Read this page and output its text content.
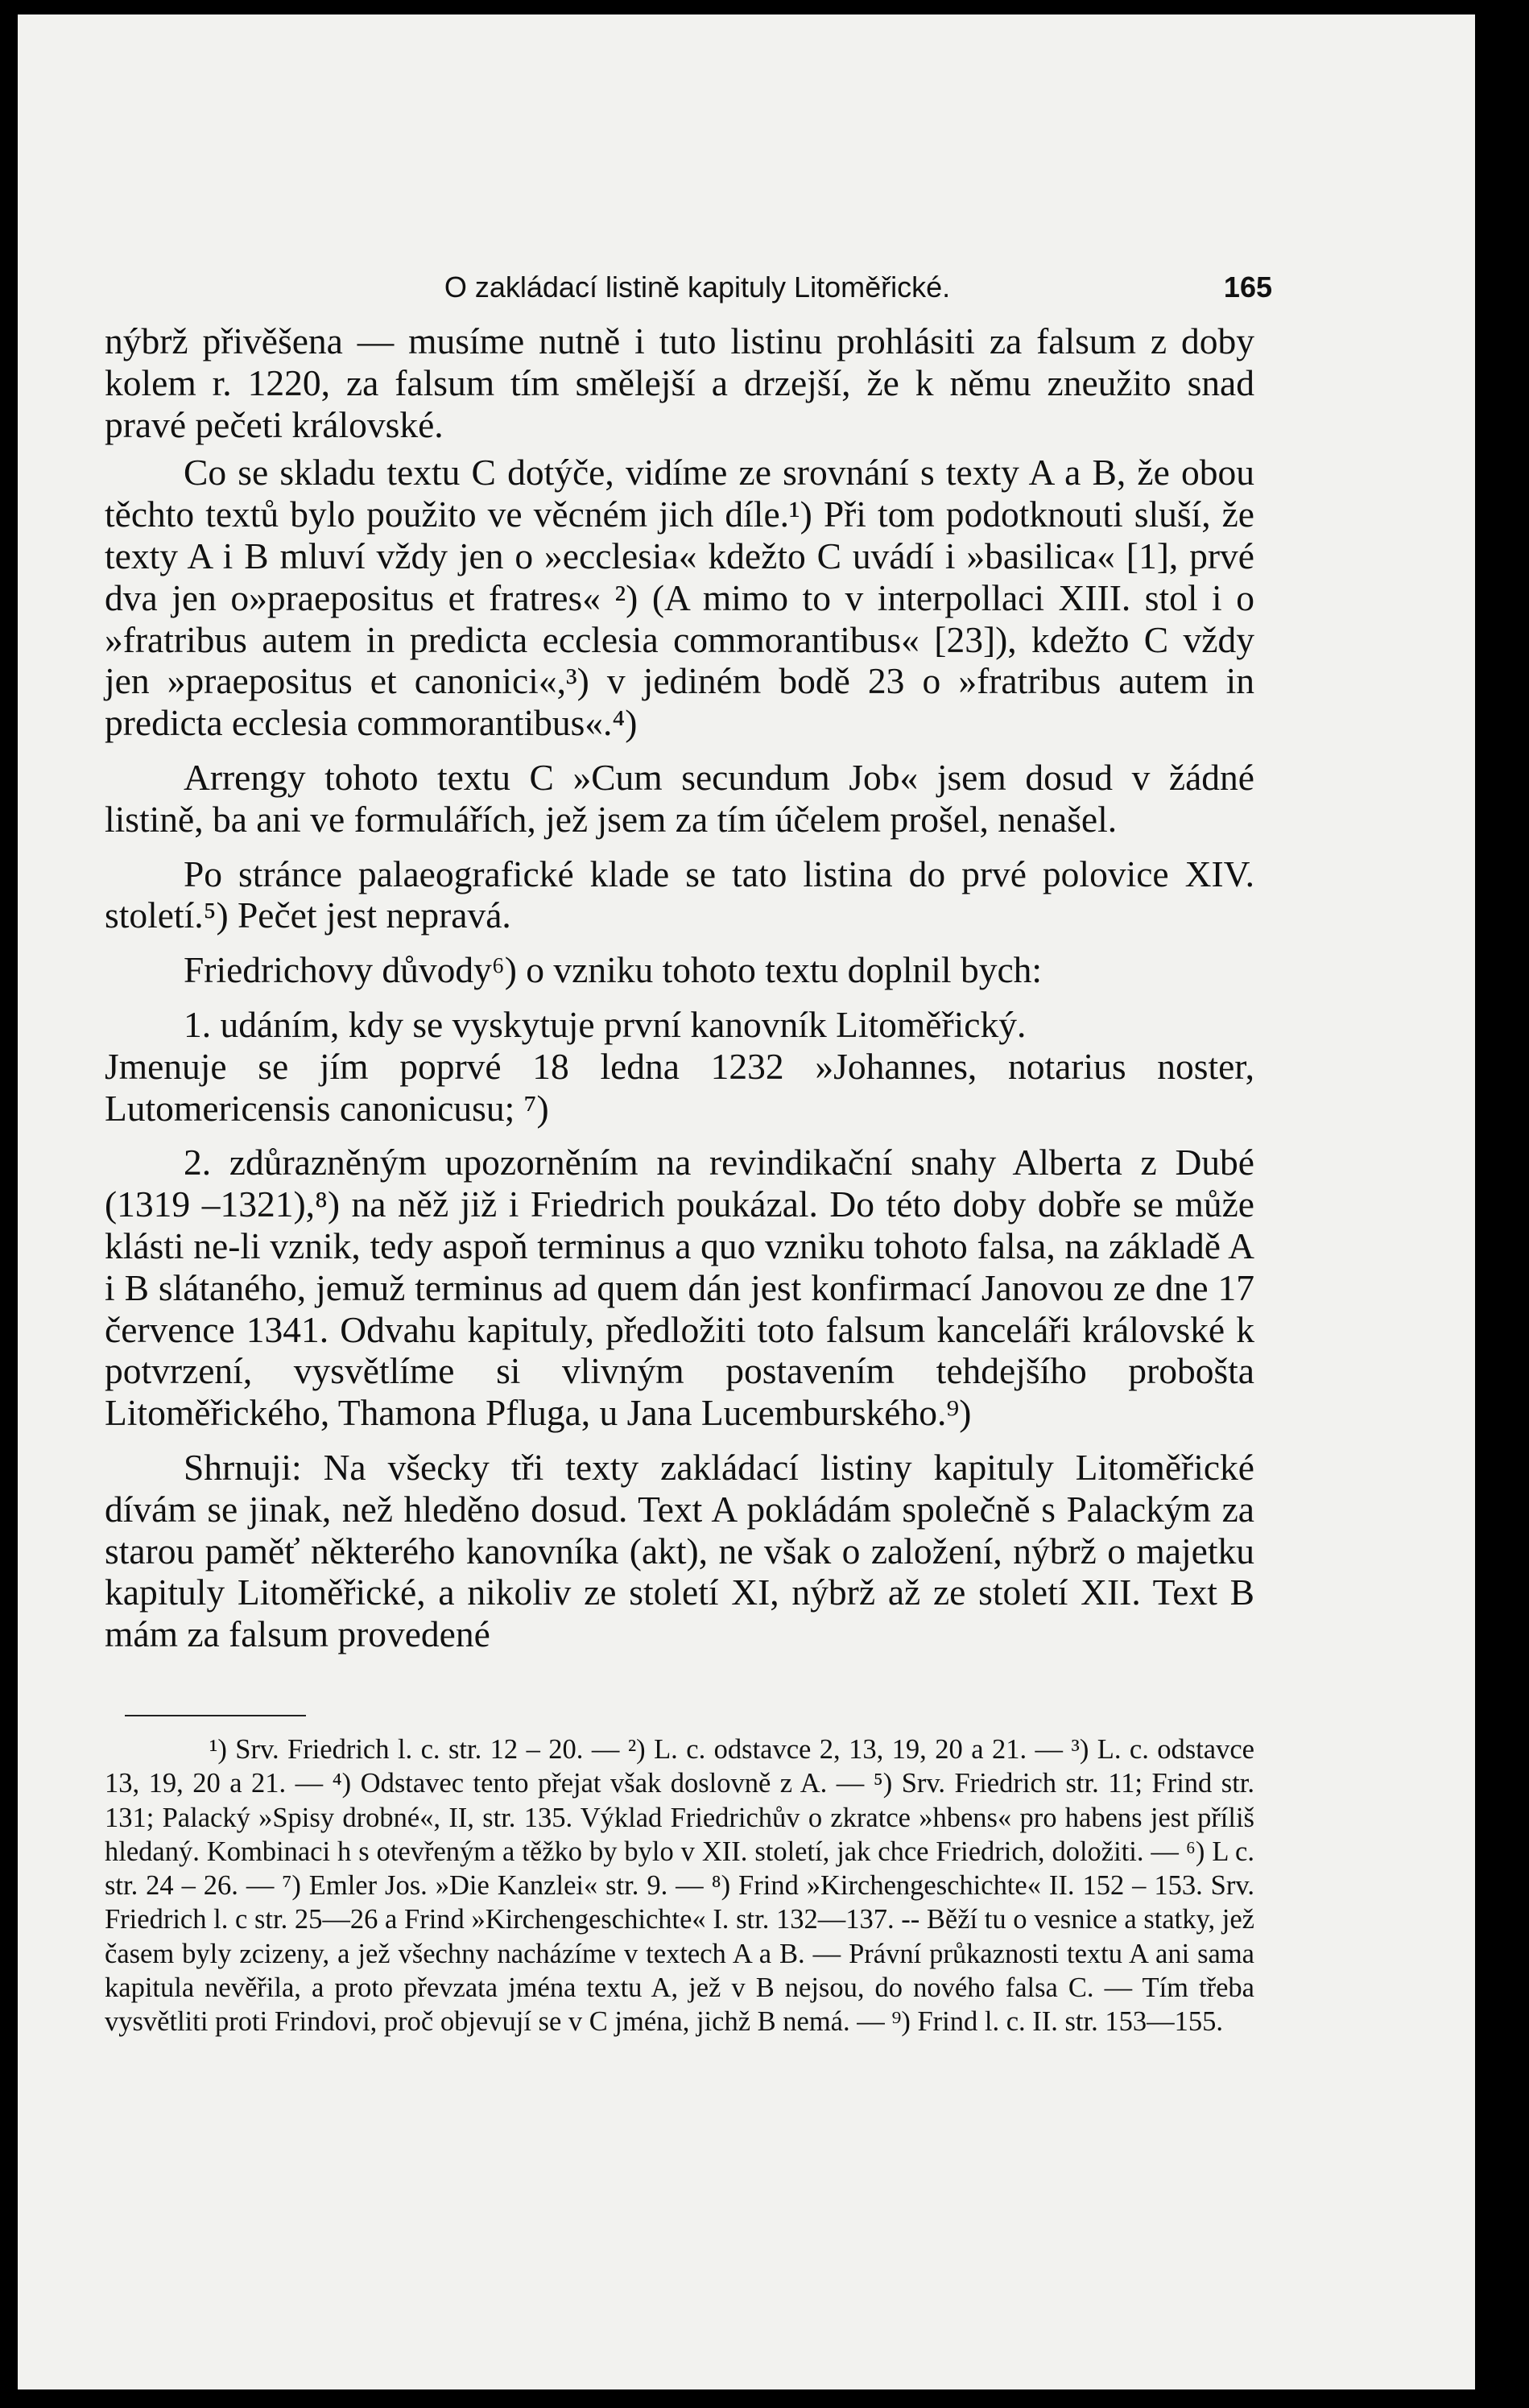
O zakládací listině kapituly Litoměřické.	165

nýbrž přivěšena — musíme nutně i tuto listinu prohlásiti za falsum z doby kolem r. 1220, za falsum tím smělejší a drzejší, že k němu zneužito snad pravé pečeti královské.

Co se skladu textu C dotýče, vidíme ze srovnání s texty A a B, že obou těchto textů bylo použito ve věcném jich díle.¹) Při tom podotknouti sluší, že texty A i B mluví vždy jen o »ecclesia« kdežto C uvádí i »basilica« [1], prvé dva jen o»praepositus et fratres« ²) (A mimo to v interpollaci XIII. stol i o »fratribus autem in predicta ecclesia commorantibus« [23]), kdežto C vždy jen »praepositus et canonici«,³) v jediném bodě 23 o »fratribus autem in predicta ecclesia commorantibus«.⁴)

Arrengy tohoto textu C »Cum secundum Job« jsem dosud v žádné listině, ba ani ve formulářích, jež jsem za tím účelem prošel, nenašel.

Po stránce palaeografické klade se tato listina do prvé polovice XIV. století.⁵) Pečet jest nepravá.

Friedrichovy důvody⁶) o vzniku tohoto textu doplnil bych:

1. udáním, kdy se vyskytuje první kanovník Litoměřický.

Jmenuje se jím poprvé 18 ledna 1232 »Johannes, notarius noster, Lutomericensis canonicusu; ⁷)

2. zdůrazněným upozorněním na revindikační snahy Alberta z Dubé (1319 –1321),⁸) na něž již i Friedrich poukázal. Do této doby dobře se může klásti ne-li vznik, tedy aspoň terminus a quo vzniku tohoto falsa, na základě A i B slátaného, jemuž terminus ad quem dán jest konfirmací Janovou ze dne 17 července 1341. Odvahu kapituly, předložiti toto falsum kanceláři královské k potvrzení, vysvětlíme si vlivným postavením tehdejšího probošta Litoměřického, Thamona Pfluga, u Jana Lucemburského.⁹)

Shrnuji: Na všecky tři texty zakládací listiny kapituly Litoměřické dívám se jinak, než hleděno dosud. Text A pokládám společně s Palackým za starou paměť některého kanovníka (akt), ne však o založení, nýbrž o majetku kapituly Litoměřické, a nikoliv ze století XI, nýbrž až ze století XII. Text B mám za falsum provedené

¹) Srv. Friedrich l. c. str. 12 – 20. — ²) L. c. odstavce 2, 13, 19, 20 a 21. — ³) L. c. odstavce 13, 19, 20 a 21. — ⁴) Odstavec tento přejat však doslovně z A. — ⁵) Srv. Friedrich str. 11; Frind str. 131; Palacký »Spisy drobné«, II, str. 135. Výklad Friedrichův o zkratce »hbens« pro habens jest příliš hledaný. Kombinaci h s otevřeným a těžko by bylo v XII. století, jak chce Friedrich, doložiti. — ⁶) L c. str. 24 – 26. — ⁷) Emler Jos. »Die Kanzlei« str. 9. — ⁸) Frind »Kirchengeschichte« II. 152 – 153. Srv. Friedrich l. c str. 25—26 a Frind »Kirchengeschichte« I. str. 132—137. -- Běží tu o vesnice a statky, jež časem byly zcizeny, a jež všechny nacházíme v textech A a B. — Právní průkaznosti textu A ani sama kapitula nevěřila, a proto převzata jména textu A, jež v B nejsou, do nového falsa C. — Tím třeba vysvětliti proti Frindovi, proč objevují se v C jména, jichž B nemá. — ⁹) Frind l. c. II. str. 153—155.
